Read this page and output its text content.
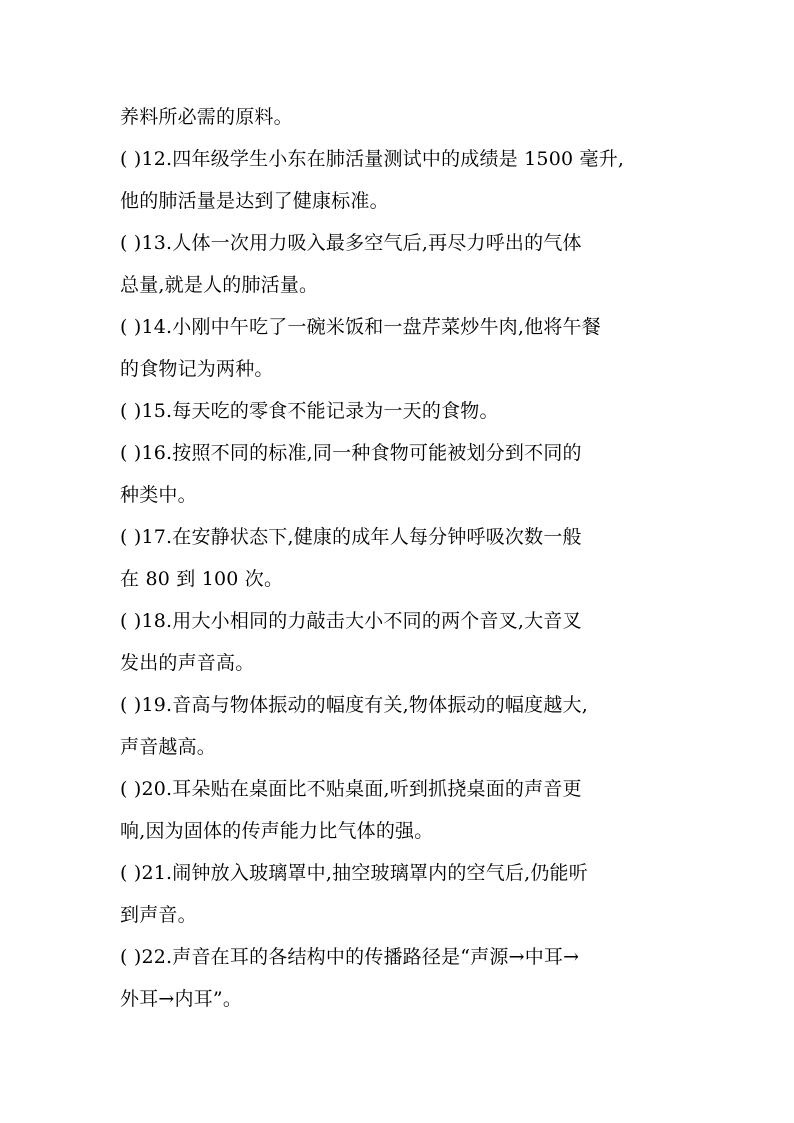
养料所必需的原料。
( )12.四年级学生小东在肺活量测试中的成绩是 1500 毫升,
他的肺活量是达到了健康标准。
( )13.人体一次用力吸入最多空气后,再尽力呼出的气体
总量,就是人的肺活量。
( )14.小刚中午吃了一碗米饭和一盘芹菜炒牛肉,他将午餐
的食物记为两种。
( )15.每天吃的零食不能记录为一天的食物。
( )16.按照不同的标准,同一种食物可能被划分到不同的
种类中。
( )17.在安静状态下,健康的成年人每分钟呼吸次数一般
在 80 到 100 次。
( )18.用大小相同的力敲击大小不同的两个音叉,大音叉
发出的声音高。
( )19.音高与物体振动的幅度有关,物体振动的幅度越大,
声音越高。
( )20.耳朵贴在桌面比不贴桌面,听到抓挠桌面的声音更
响,因为固体的传声能力比气体的强。
( )21.闹钟放入玻璃罩中,抽空玻璃罩内的空气后,仍能听
到声音。
( )22.声音在耳的各结构中的传播路径是“声源→中耳→
外耳→内耳”。
